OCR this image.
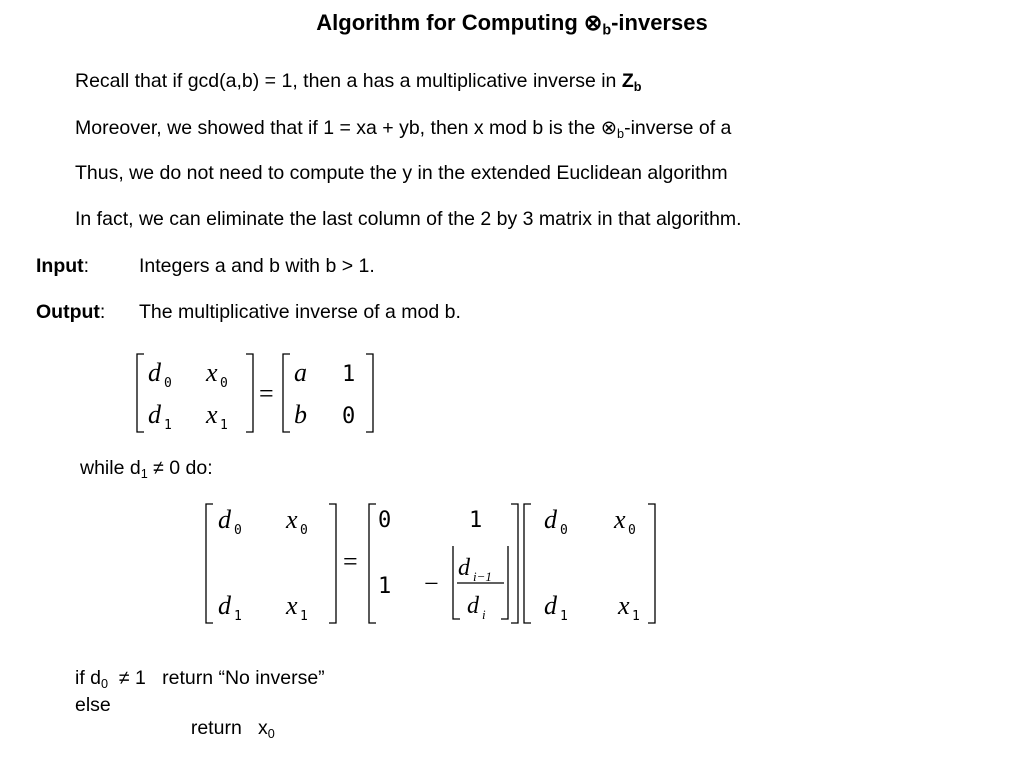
Algorithm for Computing $\otimes_b$-inverses
Recall that if gcd(a,b) = 1, then a has a multiplicative inverse in $Z_b$
Moreover, we showed that if 1 = xa + yb, then x mod b is the $\otimes_b$-inverse of a
Thus, we do not need to compute the y in the extended Euclidean algorithm
In fact, we can eliminate the last column of the 2 by 3 matrix in that algorithm.
Input:	Integers a and b with b > 1.
Output: The multiplicative inverse of a mod b.
d 0 x 0
d 1 x 1
=
a 1
b 0
while $d_1 \ne 0$ do:
d 0 x 0
d 1 x 1
=
0	1
1 −
d i−1
d i
d 0 x 0
d 1 x 1
if $d_0 \ne 1$   return “No inverse”
else

return   $x_0$
